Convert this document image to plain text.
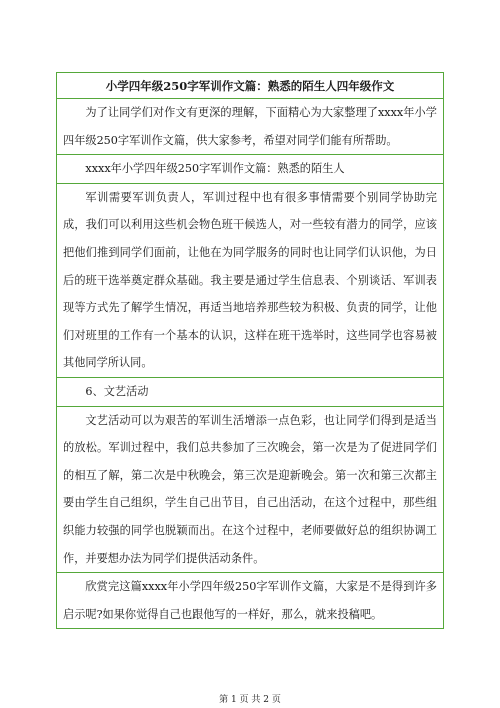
小学四年级250字军训作文篇：熟悉的陌生人四年级作文
为了让同学们对作文有更深的理解，下面精心为大家整理了xxxx年小学四年级250字军训作文篇，供大家参考，希望对同学们能有所帮助。
xxxx年小学四年级250字军训作文篇：熟悉的陌生人
军训需要军训负责人，军训过程中也有很多事情需要个别同学协助完成，我们可以利用这些机会物色班干候选人，对一些较有潜力的同学，应该把他们推到同学们面前，让他在为同学服务的同时也让同学们认识他，为日后的班干选举奠定群众基础。我主要是通过学生信息表、个别谈话、军训表现等方式先了解学生情况，再适当地培养那些较为积极、负责的同学，让他们对班里的工作有一个基本的认识，这样在班干选举时，这些同学也容易被其他同学所认同。
6、文艺活动
文艺活动可以为艰苦的军训生活增添一点色彩，也让同学们得到是适当的放松。军训过程中，我们总共参加了三次晚会，第一次是为了促进同学们的相互了解，第二次是中秋晚会，第三次是迎新晚会。第一次和第三次都主要由学生自己组织，学生自己出节目，自己出活动，在这个过程中，那些组织能力较强的同学也脱颖而出。在这个过程中，老师要做好总的组织协调工作，并要想办法为同学们提供活动条件。
欣赏完这篇xxxx年小学四年级250字军训作文篇，大家是不是得到许多启示呢?如果你觉得自己也跟他写的一样好，那么，就来投稿吧。
第 1 页 共 2 页
